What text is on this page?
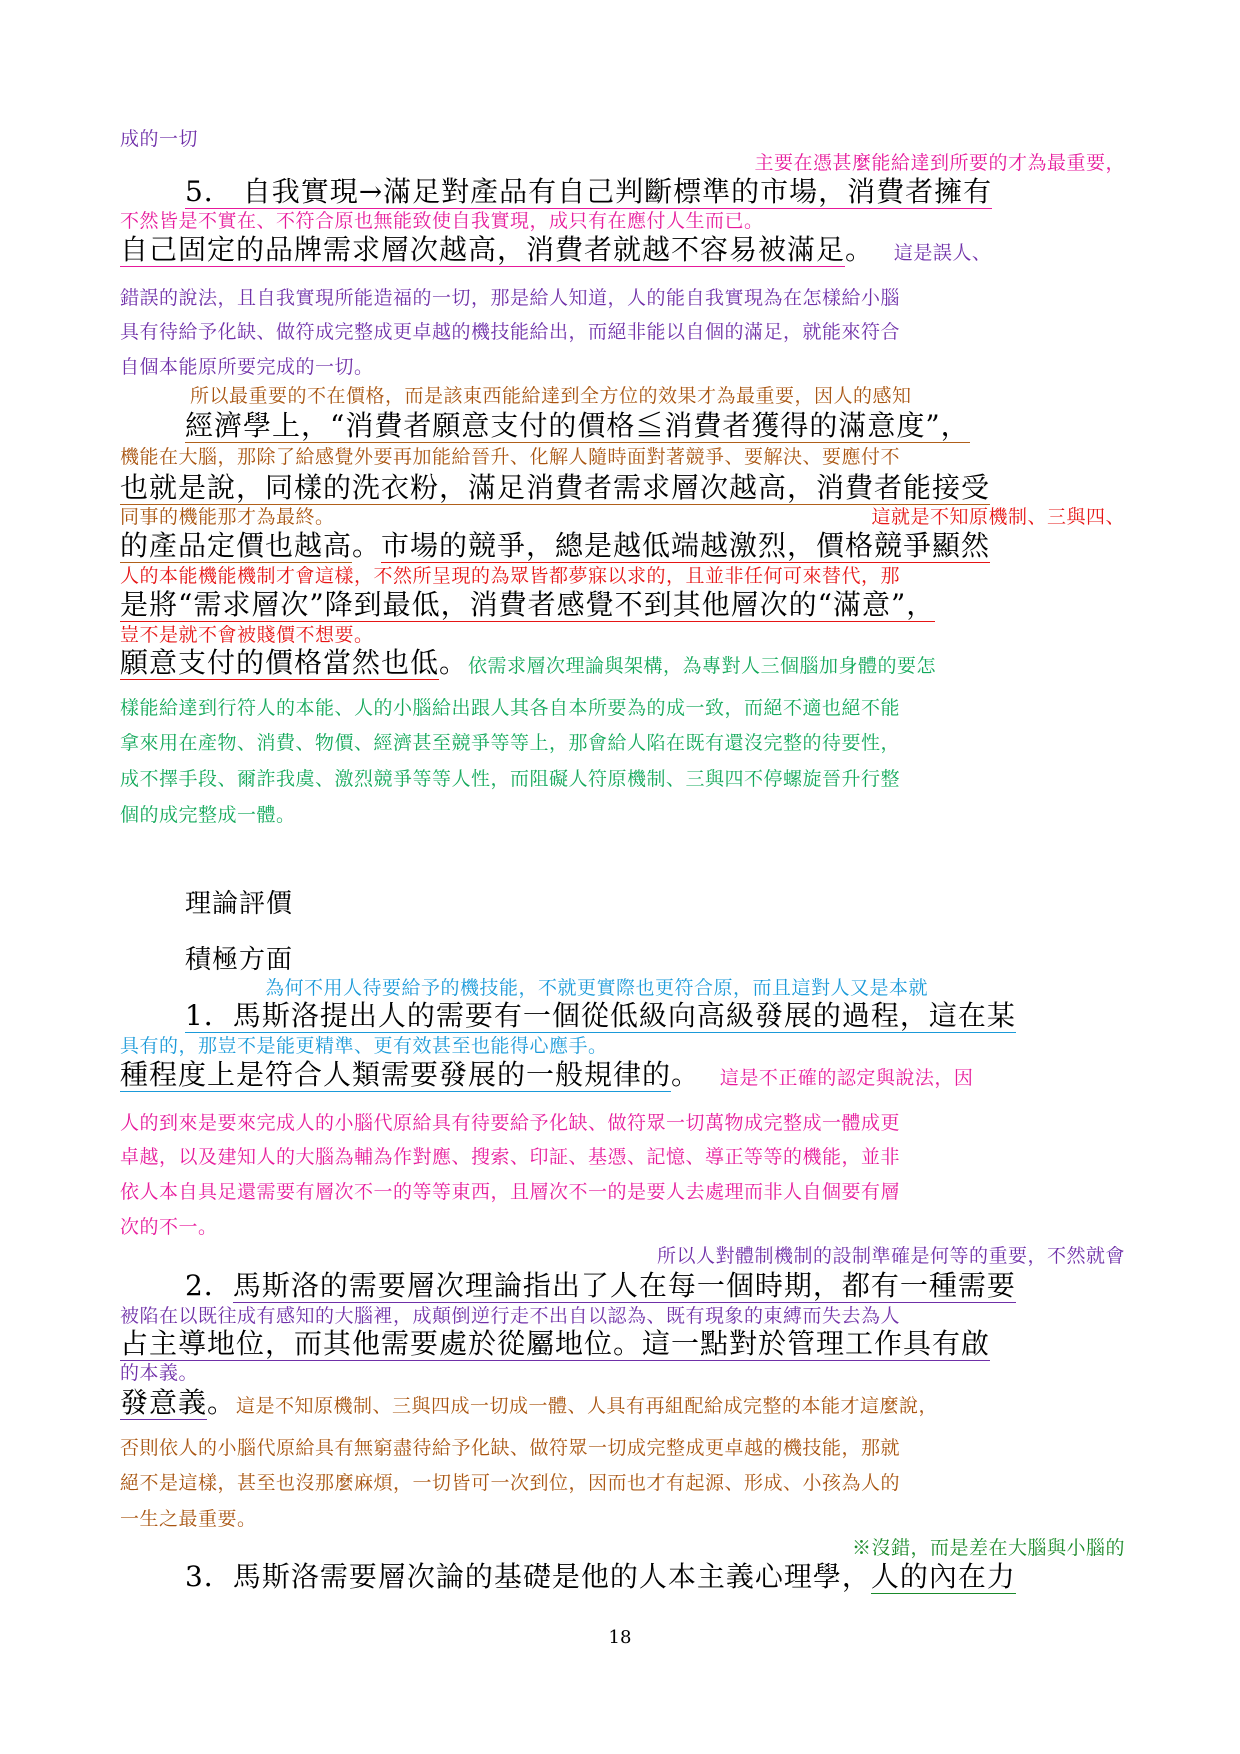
成的一切
主要在憑甚麼能給達到所要的才為最重要，
5． 自我實現→滿足對產品有自己判斷標準的市場，消費者擁有
不然皆是不實在、不符合原也無能致使自我實現，成只有在應付人生而已。
自己固定的品牌需求層次越高，消費者就越不容易被滿足。 這是誤人、
錯誤的說法，且自我實現所能造福的一切，那是給人知道，人的能自我實現為在怎樣給小腦
具有待給予化缺、做符成完整成更卓越的機技能給出，而絕非能以自個的滿足，就能來符合
自個本能原所要完成的一切。
所以最重要的不在價格，而是該東西能給達到全方位的效果才為最重要，因人的感知
經濟學上，“消費者願意支付的價格≦消費者獲得的滿意度”，
機能在大腦，那除了給感覺外要再加能給晉升、化解人隨時面對著競爭、要解決、要應付不
也就是說，同樣的洗衣粉，滿足消費者需求層次越高，消費者能接受
同事的機能那才為最終。	這就是不知原機制、三與四、
的產品定價也越高。市場的競爭，總是越低端越激烈，價格競爭顯然
人的本能機能機制才會這樣，不然所呈現的為眾皆都夢寐以求的，且並非任何可來替代，那
是將“需求層次”降到最低，消費者感覺不到其他層次的“滿意”，
豈不是就不會被賤價不想要。
願意支付的價格當然也低。依需求層次理論與架構，為專對人三個腦加身體的要怎
樣能給達到行符人的本能、人的小腦給出跟人其各自本所要為的成一致，而絕不適也絕不能
拿來用在產物、消費、物價、經濟甚至競爭等等上，那會給人陷在既有還沒完整的待要性，
成不擇手段、爾詐我虞、激烈競爭等等人性，而阻礙人符原機制、三與四不停螺旋晉升行整
個的成完整成一體。
理論評價
積極方面
為何不用人待要給予的機技能，不就更實際也更符合原，而且這對人又是本就
1．馬斯洛提出人的需要有一個從低級向高級發展的過程，這在某
具有的，那豈不是能更精準、更有效甚至也能得心應手。
種程度上是符合人類需要發展的一般規律的。 這是不正確的認定與說法，因
人的到來是要來完成人的小腦代原給具有待要給予化缺、做符眾一切萬物成完整成一體成更
卓越，以及建知人的大腦為輔為作對應、搜索、印証、基憑、記憶、導正等等的機能，並非
依人本自具足還需要有層次不一的等等東西，且層次不一的是要人去處理而非人自個要有層
次的不一。
所以人對體制機制的設制準確是何等的重要，不然就會
2．馬斯洛的需要層次理論指出了人在每一個時期，都有一種需要
被陷在以既往成有感知的大腦裡，成顛倒逆行走不出自以認為、既有現象的東縛而失去為人
占主導地位，而其他需要處於從屬地位。這一點對於管理工作具有啟
的本義。
發意義。這是不知原機制、三與四成一切成一體、人具有再組配給成完整的本能才這麼說，
否則依人的小腦代原給具有無窮盡待給予化缺、做符眾一切成完整成更卓越的機技能，那就
絕不是這樣，甚至也沒那麼麻煩，一切皆可一次到位，因而也才有起源、形成、小孩為人的
一生之最重要。
※沒錯，而是差在大腦與小腦的
3．馬斯洛需要層次論的基礎是他的人本主義心理學，人的內在力
18
